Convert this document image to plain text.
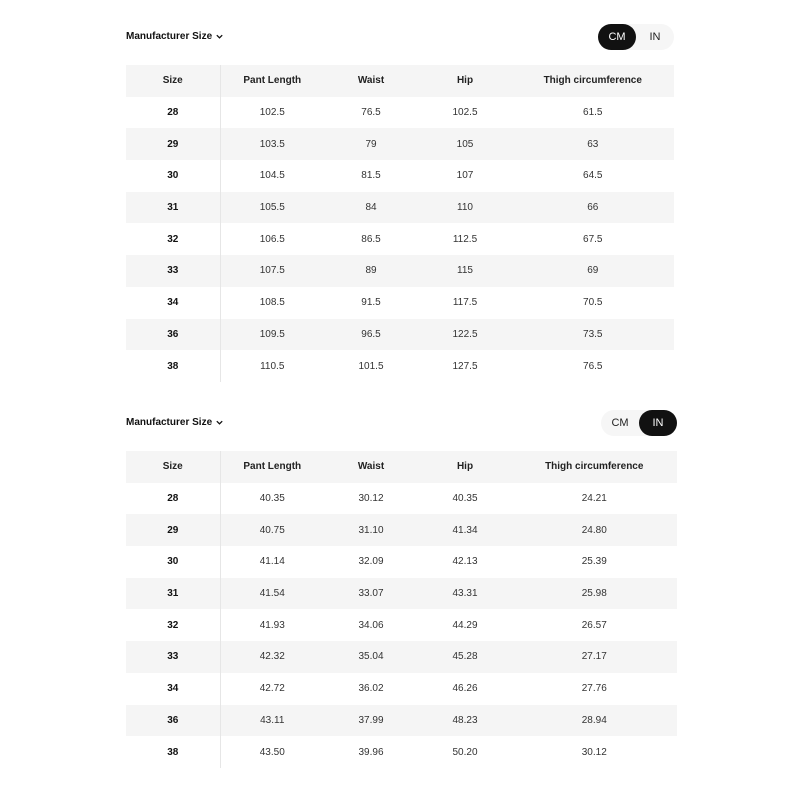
Manufacturer Size	CM	IN
Size	Pant Length	Waist	Hip	Thigh circumference
28	102.5	76.5	102.5	61.5
29	103.5	79	105	63
30	104.5	81.5	107	64.5
31	105.5	84	110	66
32	106.5	86.5	112.5	67.5
33	107.5	89	115	69
34	108.5	91.5	117.5	70.5
36	109.5	96.5	122.5	73.5
38	110.5	101.5	127.5	76.5
Manufacturer Size	CM	IN
Size	Pant Length	Waist	Hip	Thigh circumference
28	40.35	30.12	40.35	24.21
29	40.75	31.10	41.34	24.80
30	41.14	32.09	42.13	25.39
31	41.54	33.07	43.31	25.98
32	41.93	34.06	44.29	26.57
33	42.32	35.04	45.28	27.17
34	42.72	36.02	46.26	27.76
36	43.11	37.99	48.23	28.94
38	43.50	39.96	50.20	30.12
